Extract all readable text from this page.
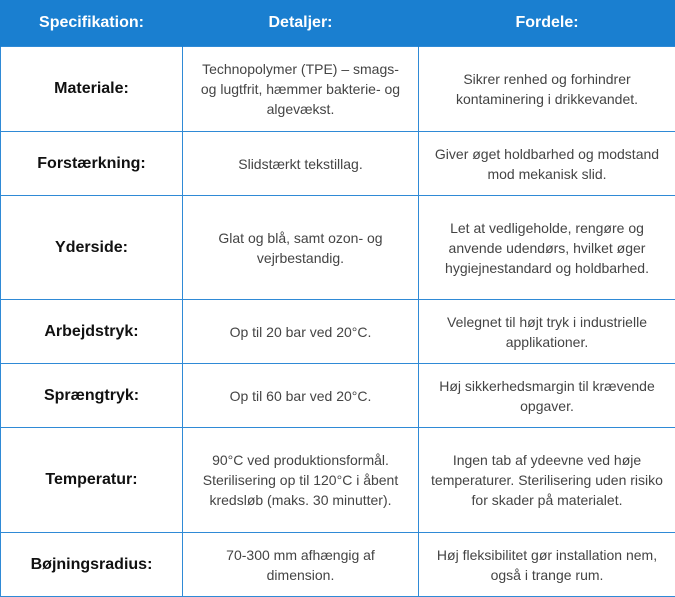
Specifikation:	Detaljer:	Fordele:
Materiale:	Technopolymer (TPE) – smags- og lugtfrit, hæmmer bakterie- og algevækst.	Sikrer renhed og forhindrer kontaminering i drikkevandet.
Forstærkning:	Slidstærkt tekstillag.	Giver øget holdbarhed og modstand mod mekanisk slid.
Yderside:	Glat og blå, samt ozon- og vejrbestandig.	Let at vedligeholde, rengøre og anvende udendørs, hvilket øger hygiejnestandard og holdbarhed.
Arbejdstryk:	Op til 20 bar ved 20°C.	Velegnet til højt tryk i industrielle applikationer.
Sprængtryk:	Op til 60 bar ved 20°C.	Høj sikkerhedsmargin til krævende opgaver.
Temperatur:	90°C ved produktionsformål. Sterilisering op til 120°C i åbent kredsløb (maks. 30 minutter).	Ingen tab af ydeevne ved høje temperaturer. Sterilisering uden risiko for skader på materialet.
Bøjningsradius:	70-300 mm afhængig af dimension.	Høj fleksibilitet gør installation nem, også i trange rum.
